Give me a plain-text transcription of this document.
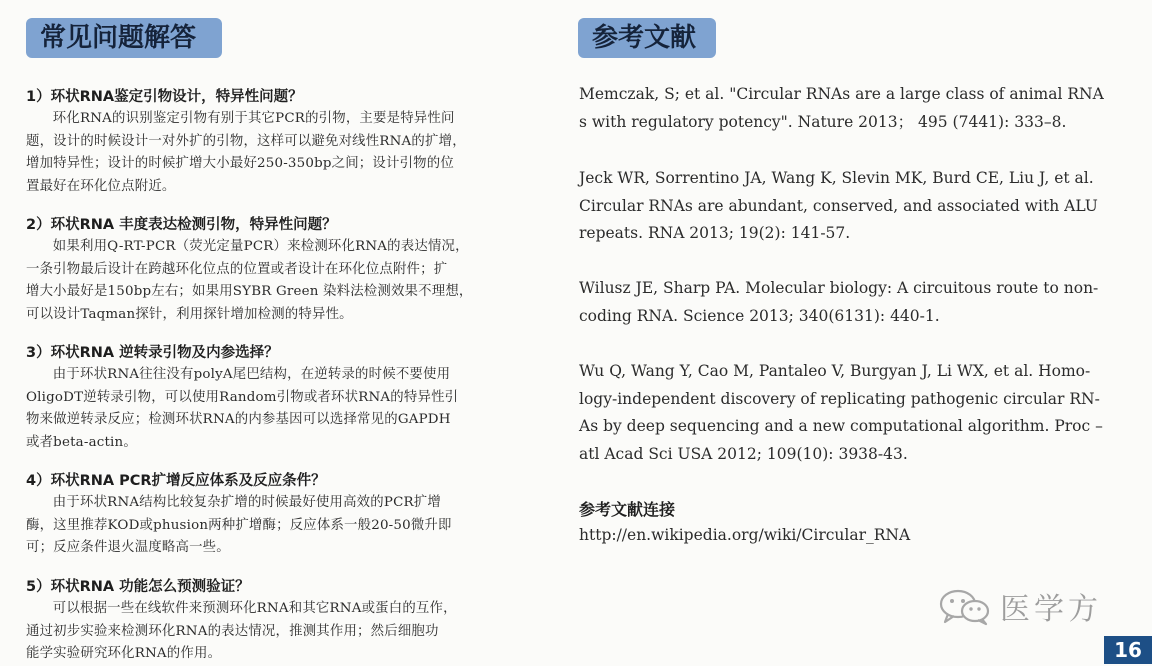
常见问题解答	参考文献
1）环状RNA鉴定引物设计，特异性问题？
环化RNA的识别鉴定引物有别于其它PCR的引物，主要是特异性问
题，设计的时候设计一对外扩的引物，这样可以避免对线性RNA的扩增，
增加特异性；设计的时候扩增大小最好250-350bp之间；设计引物的位
置最好在环化位点附近。
2）环状RNA 丰度表达检测引物，特异性问题？
如果利用Q-RT-PCR（荧光定量PCR）来检测环化RNA的表达情况，
一条引物最后设计在跨越环化位点的位置或者设计在环化位点附件；扩
增大小最好是150bp左右；如果用SYBR Green 染料法检测效果不理想，
可以设计Taqman探针，利用探针增加检测的特异性。
3）环状RNA 逆转录引物及内参选择？
由于环状RNA往往没有polyA尾巴结构，在逆转录的时候不要使用
OligoDT逆转录引物，可以使用Random引物或者环状RNA的特异性引
物来做逆转录反应；检测环状RNA的内参基因可以选择常见的GAPDH
或者beta-actin。
4）环状RNA PCR扩增反应体系及反应条件？
由于环状RNA结构比较复杂扩增的时候最好使用高效的PCR扩增
酶，这里推荐KOD或phusion两种扩增酶；反应体系一般20-50微升即
可；反应条件退火温度略高一些。
5）环状RNA 功能怎么预测验证？
可以根据一些在线软件来预测环化RNA和其它RNA或蛋白的互作，
通过初步实验来检测环化RNA的表达情况，推测其作用；然后细胞功
能学实验研究环化RNA的作用。
Memczak, S; et al. "Circular RNAs are a large class of animal RNA
s with regulatory potency". Nature 2013； 495 (7441): 333–8.
Jeck WR, Sorrentino JA, Wang K, Slevin MK, Burd CE, Liu J, et al.
Circular RNAs are abundant, conserved, and associated with ALU
repeats. RNA 2013; 19(2): 141-57.
Wilusz JE, Sharp PA. Molecular biology: A circuitous route to non-
coding RNA. Science 2013; 340(6131): 440-1.
Wu Q, Wang Y, Cao M, Pantaleo V, Burgyan J, Li WX, et al. Homo-
logy-independent discovery of replicating pathogenic circular RN-
As by deep sequencing and a new computational algorithm. Proc –
atl Acad Sci USA 2012; 109(10): 3938-43.
参考文献连接
http://en.wikipedia.org/wiki/Circular_RNA
医学方
16
